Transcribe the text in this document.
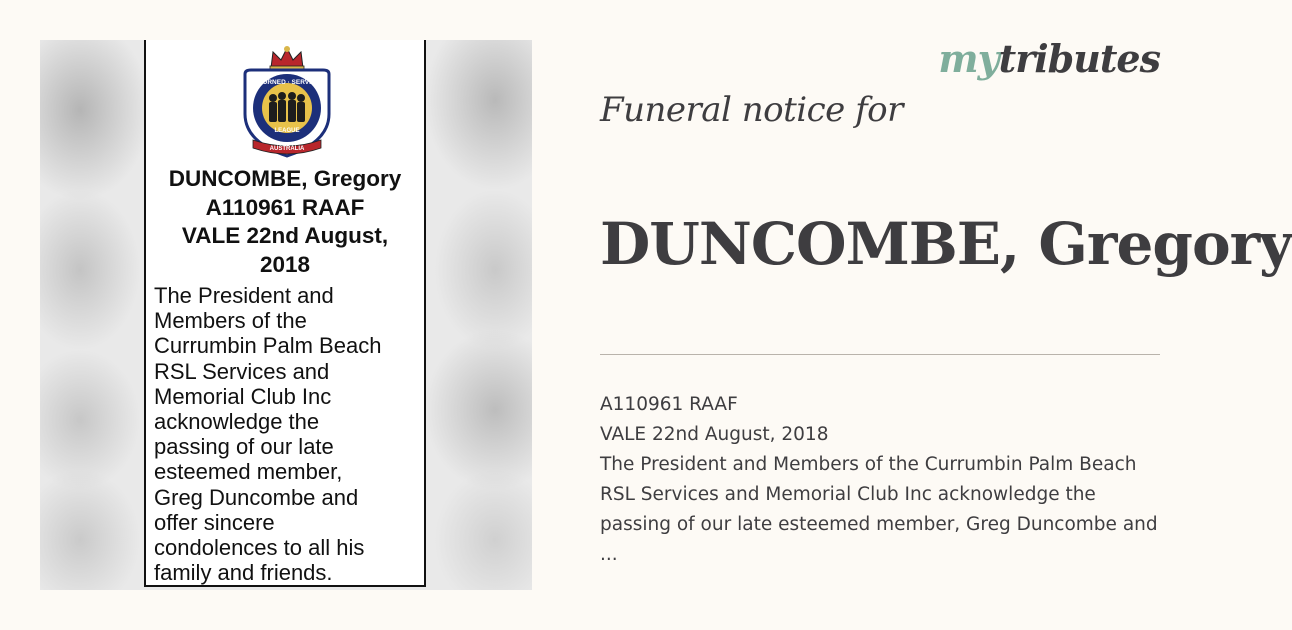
RETURNED · SERVICES
LEAGUE
AUSTRALIA
DUNCOMBE, Gregory
A110961 RAAF
VALE 22nd August,
2018
The President and
Members of the
Currumbin Palm Beach
RSL Services and
Memorial Club Inc
acknowledge the
passing of our late
esteemed member,
Greg Duncombe and
offer sincere
condolences to all his
family and friends.
mytributes
Funeral notice for
DUNCOMBE, Gregory
A110961 RAAF
VALE 22nd August, 2018
The President and Members of the Currumbin Palm Beach
RSL Services and Memorial Club Inc acknowledge the
passing of our late esteemed member, Greg Duncombe and
...
